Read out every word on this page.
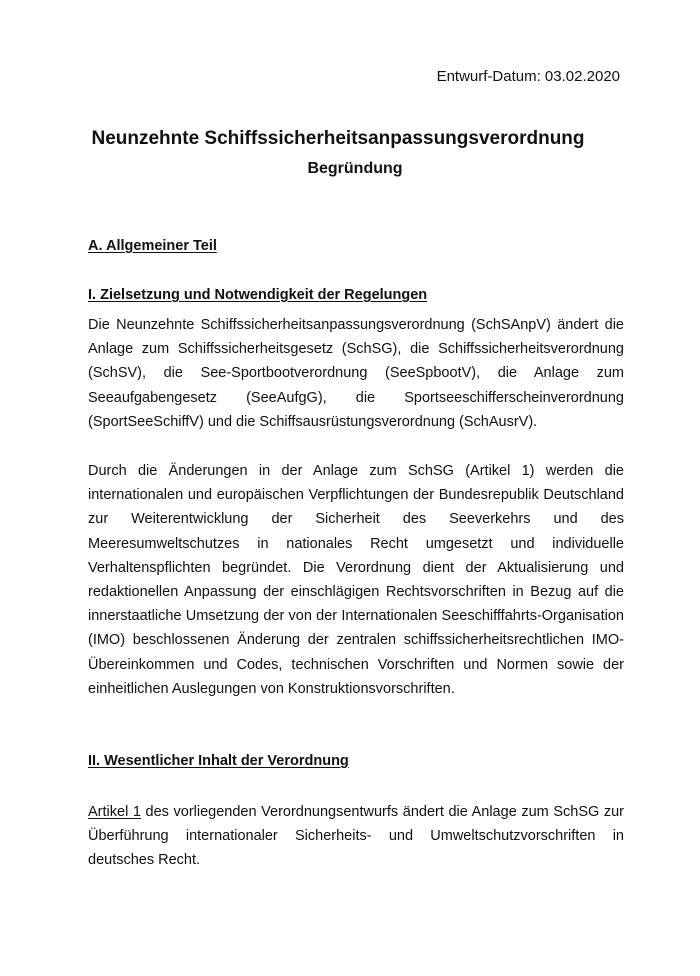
Entwurf-Datum: 03.02.2020

Neunzehnte Schiffssicherheitsanpassungsverordnung
Begründung
A. Allgemeiner Teil
I. Zielsetzung und Notwendigkeit der Regelungen

Die Neunzehnte Schiffssicherheitsanpassungsverordnung (SchSAnpV) ändert die Anlage zum Schiffssicherheitsgesetz (SchSG), die Schiffssicherheitsverordnung (SchSV), die See-Sportbootverordnung (SeeSpbootV), die Anlage zum Seeaufgabengesetz (SeeAufgG), die Sportseeschifferscheinverordnung (SportSeeSchiffV) und die Schiffsausrüstungsverordnung (SchAusrV).

Durch die Änderungen in der Anlage zum SchSG (Artikel 1) werden die internationalen und europäischen Verpflichtungen der Bundesrepublik Deutschland zur Weiterentwicklung der Sicherheit des Seeverkehrs und des Meeresumweltschutzes in nationales Recht umgesetzt und individuelle Verhaltenspflichten begründet. Die Verordnung dient der Aktualisierung und redaktionellen Anpassung der einschlägigen Rechtsvorschriften in Bezug auf die innerstaatliche Umsetzung der von der Internationalen Seeschifffahrts-Organisation (IMO) beschlossenen Änderung der zentralen schiffssicherheitsrechtlichen IMO-Übereinkommen und Codes, technischen Vorschriften und Normen sowie der einheitlichen Auslegungen von Konstruktionsvorschriften.

II. Wesentlicher Inhalt der Verordnung

Artikel 1 des vorliegenden Verordnungsentwurfs ändert die Anlage zum SchSG zur Überführung internationaler Sicherheits- und Umweltschutzvorschriften in deutsches Recht.
